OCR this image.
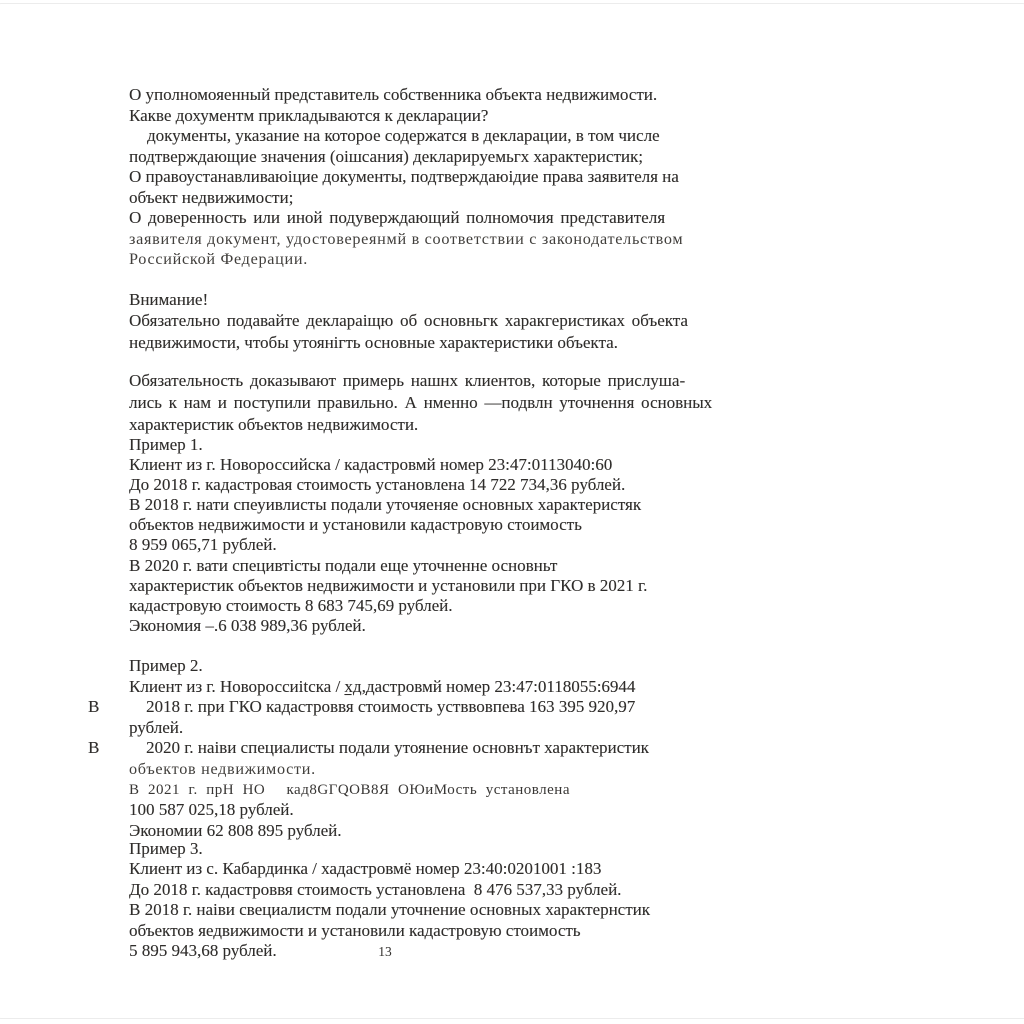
О уполномояенный представитель собственника объекта недвижимости.
Какве дохументм прикладываются к декларации?
документы, указание на которое содержатся в декларации, в том числе
подтверждающие значения (оішсания) декларируемьгх характеристик;
О правоустанавливаюіцие документы, подтверждаюідие права заявителя на
объект недвижимости;
О доверенность или иной подуверждающий полномочия представителя
заявителя документ, удостовереянмй в соответствии с законодательством
Российской Федерации.
Внимание!
Обязательно подавайте деклараіщю об основньгк харакгеристиках объекта
недвижимости, чтобы утоянігть основные характеристики объекта.
Обязательность доказывают примерь нашнх клиентов, которые прислуша-
лись к нам и поступили правильно. А нменно —подвлн уточнення основных
характеристик объектов недвижимости.
Пример 1.
Клиент из г. Новороссийска / кадастровмй номер 23:47:0113040:60
До 2018 г. кадастровая стоимость установлена 14 722 734,36 рублей.
В 2018 г. нати спеуивлисты подали уточяеняе основных характеристяк
объектов недвижимости и установили кадастровую стоимость
8 959 065,71 рублей.
В 2020 г. вати специвтісты подали еще уточненне основньт
характеристик объектов недвижимости и установили при ГКО в 2021 г.
кадастровую стоимость 8 683 745,69 рублей.
Экономия –.6 038 989,36 рублей.
Пример 2.
Клиент из г. Новороссиіtска / хд,дастровмй номер 23:47:0118055:6944
В	2018 г. при ГКО кадастроввя стоимость устввовпева 163 395 920,97
рублей.
В	2020 г. наіви специалисты подали утоянение основнът характеристик
объектов недвижимости.
В  2021  г.  прН  НО     кад8GГQОВ8Я  ОЮиМость  установлена
100 587 025,18 рублей.
Экономии 62 808 895 рублей.
Пример 3.
Клиент из с. Кабардинка / хадастровмё номер 23:40:0201001 :183
До 2018 г. кадастроввя стоимость установлена  8 476 537,33 рублей.
В 2018 г. наіви свециалистм подали уточнение основных характернстик
объектов яедвижимости и установили кадастровую стоимость
5 895 943,68 рублей.	13
